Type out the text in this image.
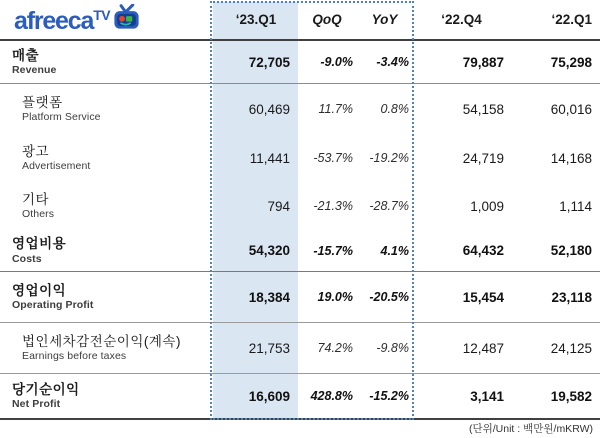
afreeca$^{TV}$	‘23.Q1	QoQ	YoY	‘22.Q4	‘22.Q1
매출
Revenue
72,705	-9.0%	-3.4%	79,887	75,298
플랫폼
Platform Service
60,469	11.7%	0.8%	54,158	60,016
광고
Advertisement
11,441	-53.7%	-19.2%	24,719	14,168
기타
Others
794	-21.3%	-28.7%	1,009	1,114
영업비용
Costs
54,320	-15.7%	4.1%	64,432	52,180
영업이익
Operating Profit
18,384	19.0%	-20.5%	15,454	23,118
법인세차감전순이익(계속)
Earnings before taxes
21,753	74.2%	-9.8%	12,487	24,125
당기순이익
Net Profit
16,609	428.8%	-15.2%	3,141	19,582
(단위/Unit : 백만원/mKRW)
